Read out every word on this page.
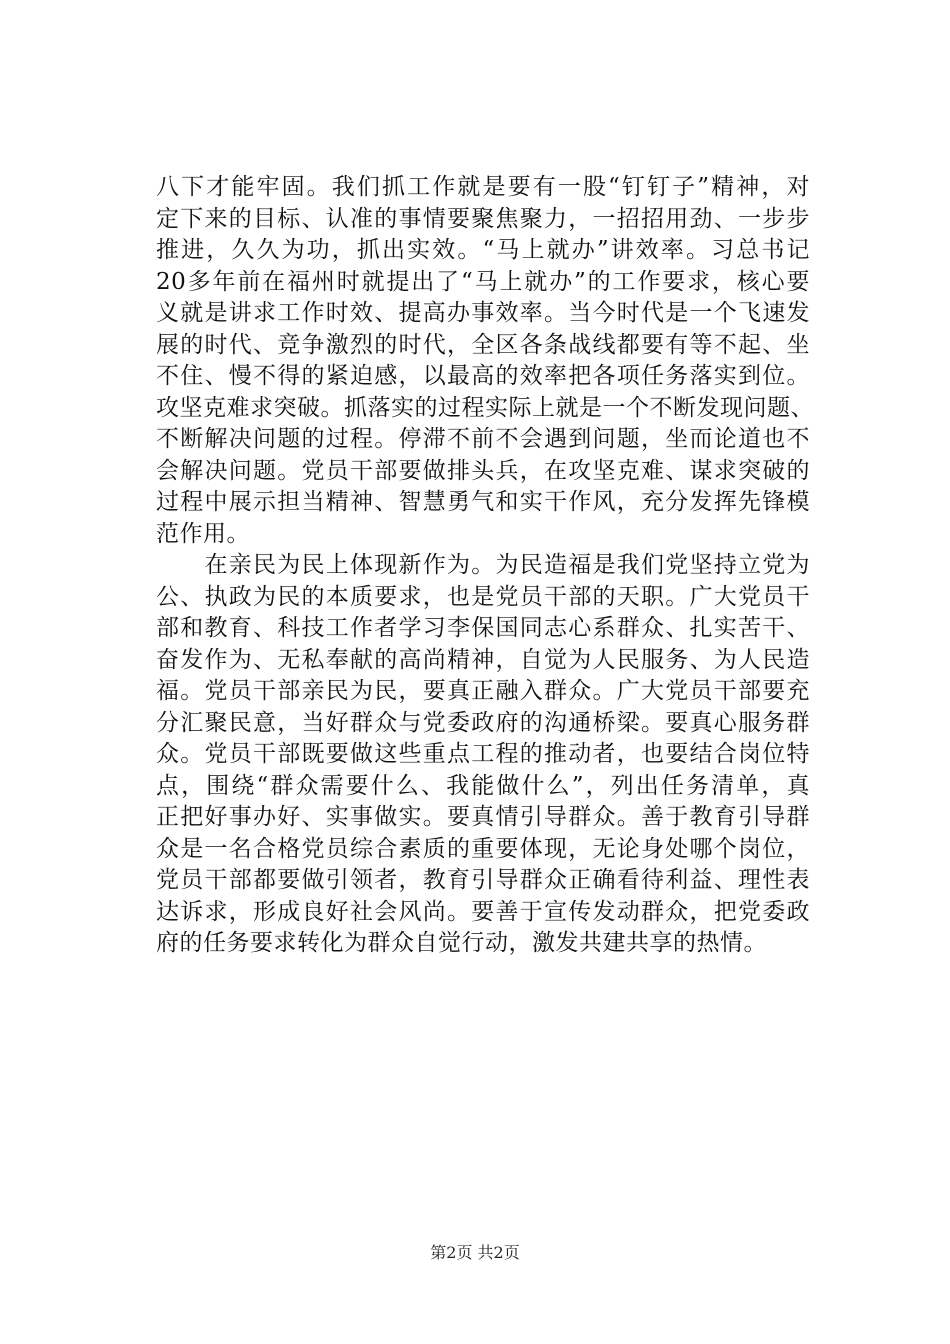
八下才能牢固。我们抓工作就是要有一股“钉钉子”精神，对
定下来的目标、认准的事情要聚焦聚力，一招招用劲、一步步
推进，久久为功，抓出实效。“马上就办”讲效率。习总书记
20多年前在福州时就提出了“马上就办”的工作要求，核心要
义就是讲求工作时效、提高办事效率。当今时代是一个飞速发
展的时代、竞争激烈的时代，全区各条战线都要有等不起、坐
不住、慢不得的紧迫感，以最高的效率把各项任务落实到位。
攻坚克难求突破。抓落实的过程实际上就是一个不断发现问题、
不断解决问题的过程。停滞不前不会遇到问题，坐而论道也不
会解决问题。党员干部要做排头兵，在攻坚克难、谋求突破的
过程中展示担当精神、智慧勇气和实干作风，充分发挥先锋模
范作用。
　　在亲民为民上体现新作为。为民造福是我们党坚持立党为
公、执政为民的本质要求，也是党员干部的天职。广大党员干
部和教育、科技工作者学习李保国同志心系群众、扎实苦干、
奋发作为、无私奉献的高尚精神，自觉为人民服务、为人民造
福。党员干部亲民为民，要真正融入群众。广大党员干部要充
分汇聚民意，当好群众与党委政府的沟通桥梁。要真心服务群
众。党员干部既要做这些重点工程的推动者，也要结合岗位特
点，围绕“群众需要什么、我能做什么”，列出任务清单，真
正把好事办好、实事做实。要真情引导群众。善于教育引导群
众是一名合格党员综合素质的重要体现，无论身处哪个岗位，
党员干部都要做引领者，教育引导群众正确看待利益、理性表
达诉求，形成良好社会风尚。要善于宣传发动群众，把党委政
府的任务要求转化为群众自觉行动，激发共建共享的热情。
第2页 共2页
